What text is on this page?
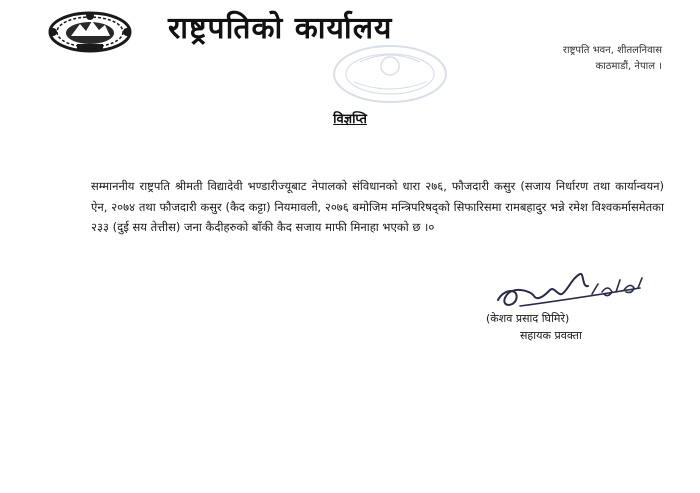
राष्ट्रपतिको कार्यालय
राष्ट्रपति भवन, शीतलनिवास
काठमाडौं, नेपाल ।
विज्ञप्ति

सम्माननीय राष्ट्रपति श्रीमती विद्यादेवी भण्डारीज्यूबाट नेपालको संविधानको धारा २७६, फौजदारी कसुर (सजाय निर्धारण तथा कार्यान्वयन) ऐन, २०७४ तथा फौजदारी कसुर (कैद कट्टा) नियमावली, २०७६ बमोजिम मन्त्रिपरिषद्को सिफारिसमा रामबहादुर भन्ने रमेश विश्वकर्मासमेतका २३३ (दुई सय तेत्तीस) जना कैदीहरुको बाँकी कैद सजाय माफी मिनाहा भएको छ ।०

(केशव प्रसाद घिमिरे)
सहायक प्रवक्ता
